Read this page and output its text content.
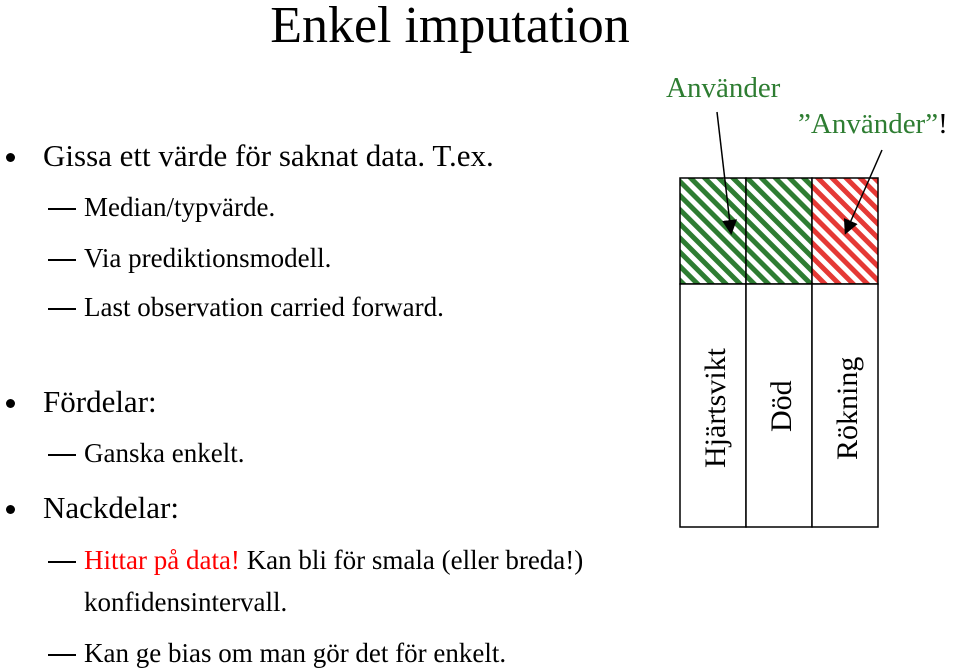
Enkel imputation
Gissa ett värde för saknat data. T.ex.
Median/typvärde.
Via prediktionsmodell.
Last observation carried forward.
Fördelar:
Ganska enkelt.
Nackdelar:
Hittar på data! Kan bli för smala (eller breda!)
konfidensintervall.
Kan ge bias om man gör det för enkelt.
Använder
”Använder”!
Hjärtsvikt Död Rökning
